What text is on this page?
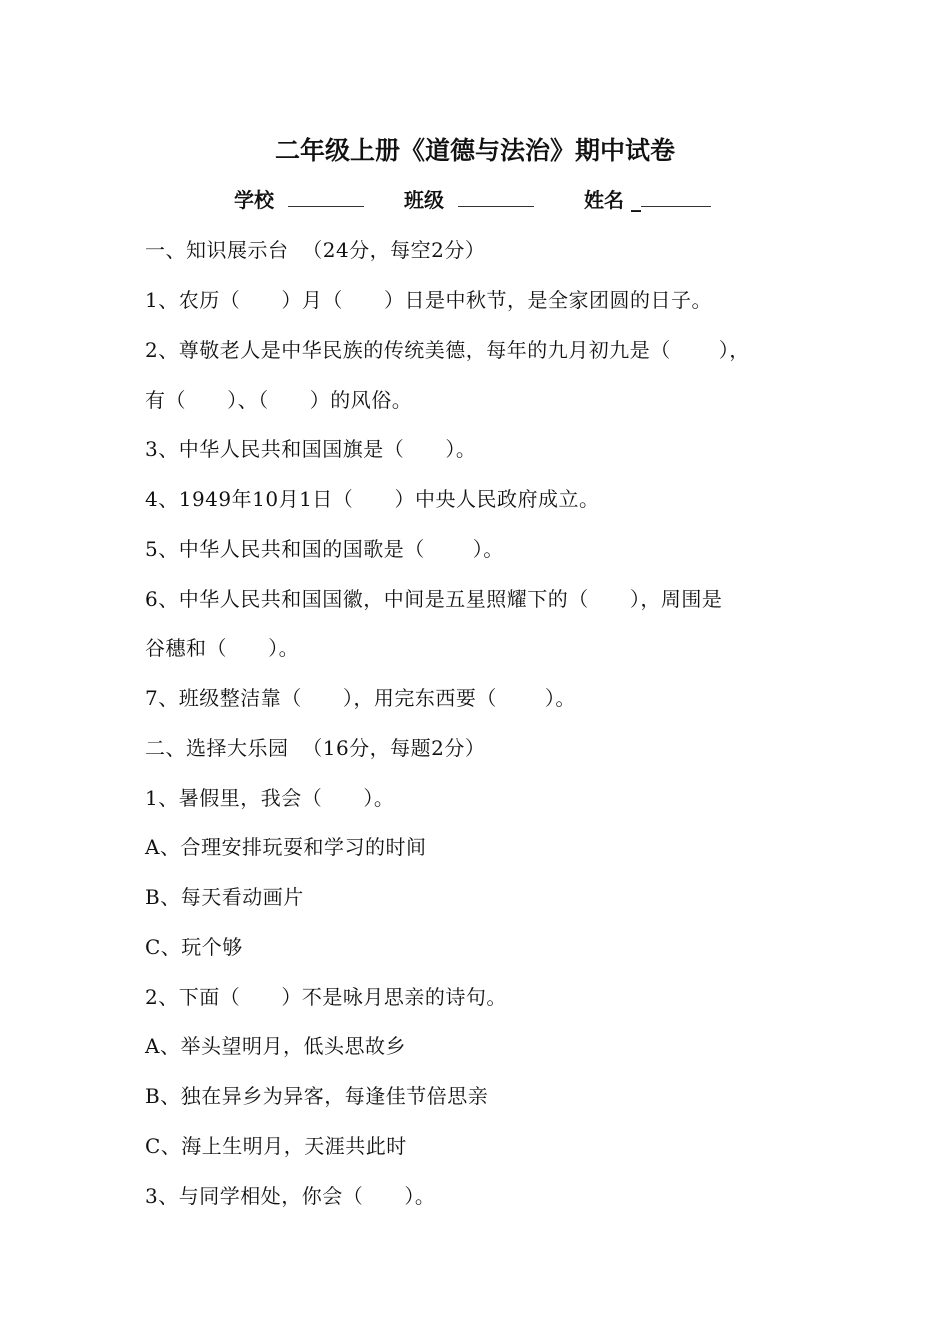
二年级上册《道德与法治》期中试卷
学校	班级	姓名 _
一、知识展示台  （24分，每空2分）
1、农历（      ）月（      ）日是中秋节，是全家团圆的日子。
2、尊敬老人是中华民族的传统美德，每年的九月初九是（       ），
有（      ）、（      ）的风俗。
3、中华人民共和国国旗是（      ）。
4、1949年10月1日（      ）中央人民政府成立。
5、中华人民共和国的国歌是（       ）。
6、中华人民共和国国徽，中间是五星照耀下的（      ），周围是
谷穗和（      ）。
7、班级整洁靠（      ），用完东西要（       ）。
二、选择大乐园  （16分，每题2分）
1、暑假里，我会（      ）。
A、合理安排玩耍和学习的时间
B、每天看动画片
C、玩个够
2、下面（      ）不是咏月思亲的诗句。
A、举头望明月，低头思故乡
B、独在异乡为异客，每逢佳节倍思亲
C、海上生明月，天涯共此时
3、与同学相处，你会（      ）。
